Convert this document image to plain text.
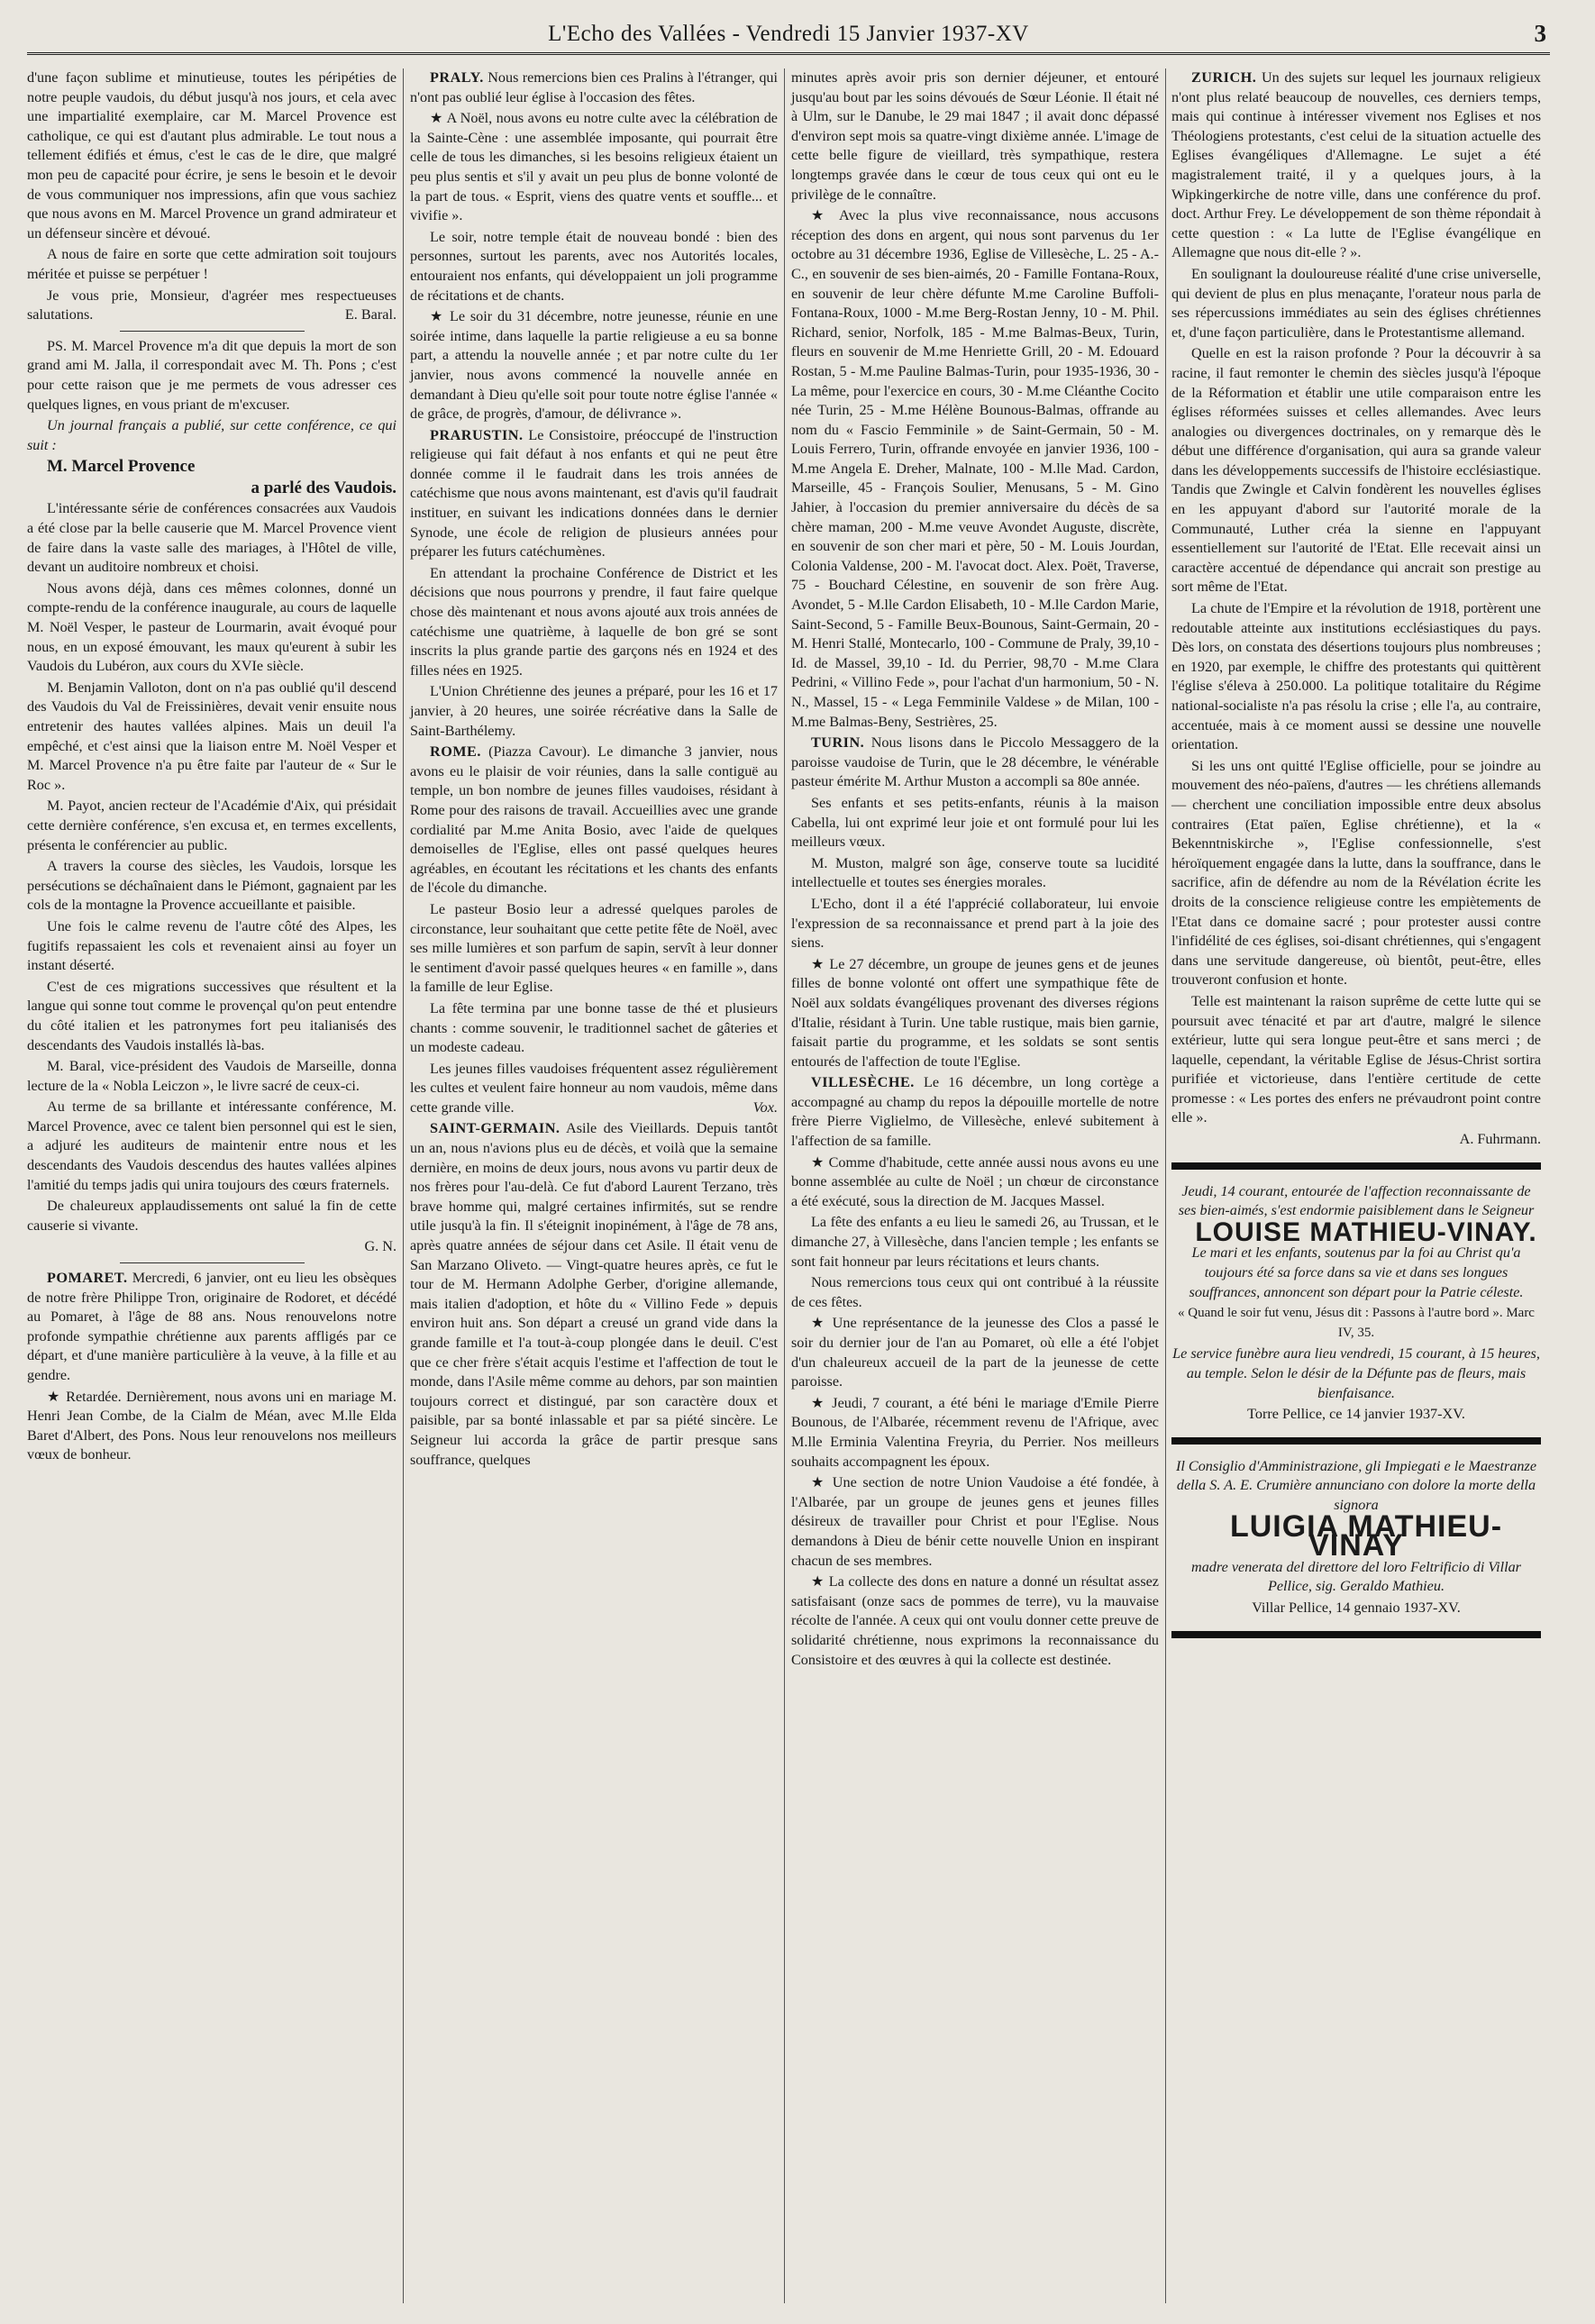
L'Echo des Vallées - Vendredi 15 Janvier 1937-XV	3

d'une façon sublime et minutieuse, toutes les péripéties de notre peuple vaudois, du début jusqu'à nos jours, et cela avec une impartialité exemplaire, car M. Marcel Provence est catholique, ce qui est d'autant plus admirable. Le tout nous a tellement édifiés et émus, c'est le cas de le dire, que malgré mon peu de capacité pour écrire, je sens le besoin et le devoir de vous communiquer nos impressions, afin que vous sachiez que nous avons en M. Marcel Provence un grand admirateur et un défenseur sincère et dévoué.

A nous de faire en sorte que cette admiration soit toujours méritée et puisse se perpétuer !

Je vous prie, Monsieur, d'agréer mes respectueuses salutations.	E. Baral.

PS. M. Marcel Provence m'a dit que depuis la mort de son grand ami M. Jalla, il correspondait avec M. Th. Pons ; c'est pour cette raison que je me permets de vous adresser ces quelques lignes, en vous priant de m'excuser.

Un journal français a publié, sur cette conférence, ce qui suit :

M. Marcel Provence

a parlé des Vaudois.

L'intéressante série de conférences consacrées aux Vaudois a été close par la belle causerie que M. Marcel Provence vient de faire dans la vaste salle des mariages, à l'Hôtel de ville, devant un auditoire nombreux et choisi.

Nous avons déjà, dans ces mêmes colonnes, donné un compte-rendu de la conférence inaugurale, au cours de laquelle M. Noël Vesper, le pasteur de Lourmarin, avait évoqué pour nous, en un exposé émouvant, les maux qu'eurent à subir les Vaudois du Lubéron, aux cours du XVIe siècle.

M. Benjamin Valloton, dont on n'a pas oublié qu'il descend des Vaudois du Val de Freissinières, devait venir ensuite nous entretenir des hautes vallées alpines. Mais un deuil l'a empêché, et c'est ainsi que la liaison entre M. Noël Vesper et M. Marcel Provence n'a pu être faite par l'auteur de « Sur le Roc ».

M. Payot, ancien recteur de l'Académie d'Aix, qui présidait cette dernière conférence, s'en excusa et, en termes excellents, présenta le conférencier au public.

A travers la course des siècles, les Vaudois, lorsque les persécutions se déchaînaient dans le Piémont, gagnaient par les cols de la montagne la Provence accueillante et paisible.

Une fois le calme revenu de l'autre côté des Alpes, les fugitifs repassaient les cols et revenaient ainsi au foyer un instant déserté.

C'est de ces migrations successives que résultent et la langue qui sonne tout comme le provençal qu'on peut entendre du côté italien et les patronymes fort peu italianisés des descendants des Vaudois installés là-bas.

M. Baral, vice-président des Vaudois de Marseille, donna lecture de la « Nobla Leiczon », le livre sacré de ceux-ci.

Au terme de sa brillante et intéressante conférence, M. Marcel Provence, avec ce talent bien personnel qui est le sien, a adjuré les auditeurs de maintenir entre nous et les descendants des Vaudois descendus des hautes vallées alpines l'amitié du temps jadis qui unira toujours des cœurs fraternels.

De chaleureux applaudissements ont salué la fin de cette causerie si vivante.

G. N.

POMARET. Mercredi, 6 janvier, ont eu lieu les obsèques de notre frère Philippe Tron, originaire de Rodoret, et décédé au Pomaret, à l'âge de 88 ans. Nous renouvelons notre profonde sympathie chrétienne aux parents affligés par ce départ, et d'une manière particulière à la veuve, à la fille et au gendre.

★ Retardée. Dernièrement, nous avons uni en mariage M. Henri Jean Combe, de la Cialm de Méan, avec M.lle Elda Baret d'Albert, des Pons. Nous leur renouvelons nos meilleurs vœux de bonheur.

PRALY. Nous remercions bien ces Pralins à l'étranger, qui n'ont pas oublié leur église à l'occasion des fêtes.

★ A Noël, nous avons eu notre culte avec la célébration de la Sainte-Cène : une assemblée imposante, qui pourrait être celle de tous les dimanches, si les besoins religieux étaient un peu plus sentis et s'il y avait un peu plus de bonne volonté de la part de tous. « Esprit, viens des quatre vents et souffle... et vivifie ».

Le soir, notre temple était de nouveau bondé : bien des personnes, surtout les parents, avec nos Autorités locales, entouraient nos enfants, qui développaient un joli programme de récitations et de chants.

★ Le soir du 31 décembre, notre jeunesse, réunie en une soirée intime, dans laquelle la partie religieuse a eu sa bonne part, a attendu la nouvelle année ; et par notre culte du 1er janvier, nous avons commencé la nouvelle année en demandant à Dieu qu'elle soit pour toute notre église l'année « de grâce, de progrès, d'amour, de délivrance ».

PRARUSTIN. Le Consistoire, préoccupé de l'instruction religieuse qui fait défaut à nos enfants et qui ne peut être donnée comme il le faudrait dans les trois années de catéchisme que nous avons maintenant, est d'avis qu'il faudrait instituer, en suivant les indications données dans le dernier Synode, une école de religion de plusieurs années pour préparer les futurs catéchumènes.

En attendant la prochaine Conférence de District et les décisions que nous pourrons y prendre, il faut faire quelque chose dès maintenant et nous avons ajouté aux trois années de catéchisme une quatrième, à laquelle de bon gré se sont inscrits la plus grande partie des garçons nés en 1924 et des filles nées en 1925.

L'Union Chrétienne des jeunes a préparé, pour les 16 et 17 janvier, à 20 heures, une soirée récréative dans la Salle de Saint-Barthélemy.

ROME. (Piazza Cavour). Le dimanche 3 janvier, nous avons eu le plaisir de voir réunies, dans la salle contiguë au temple, un bon nombre de jeunes filles vaudoises, résidant à Rome pour des raisons de travail. Accueillies avec une grande cordialité par M.me Anita Bosio, avec l'aide de quelques demoiselles de l'Eglise, elles ont passé quelques heures agréables, en écoutant les récitations et les chants des enfants de l'école du dimanche.

Le pasteur Bosio leur a adressé quelques paroles de circonstance, leur souhaitant que cette petite fête de Noël, avec ses mille lumières et son parfum de sapin, servît à leur donner le sentiment d'avoir passé quelques heures « en famille », dans la famille de leur Eglise.

La fête termina par une bonne tasse de thé et plusieurs chants : comme souvenir, le traditionnel sachet de gâteries et un modeste cadeau.

Les jeunes filles vaudoises fréquentent assez régulièrement les cultes et veulent faire honneur au nom vaudois, même dans cette grande ville.	Vox.

SAINT-GERMAIN. Asile des Vieillards. Depuis tantôt un an, nous n'avions plus eu de décès, et voilà que la semaine dernière, en moins de deux jours, nous avons vu partir deux de nos frères pour l'au-delà. Ce fut d'abord Laurent Terzano, très brave homme qui, malgré certaines infirmités, sut se rendre utile jusqu'à la fin. Il s'éteignit inopinément, à l'âge de 78 ans, après quatre années de séjour dans cet Asile. Il était venu de San Marzano Oliveto. — Vingt-quatre heures après, ce fut le tour de M. Hermann Adolphe Gerber, d'origine allemande, mais italien d'adoption, et hôte du « Villino Fede » depuis environ huit ans. Son départ a creusé un grand vide dans la grande famille et l'a tout-à-coup plongée dans le deuil. C'est que ce cher frère s'était acquis l'estime et l'affection de tout le monde, dans l'Asile même comme au dehors, par son maintien toujours correct et distingué, par son caractère doux et paisible, par sa bonté inlassable et par sa piété sincère. Le Seigneur lui accorda la grâce de partir presque sans souffrance, quelques

minutes après avoir pris son dernier déjeuner, et entouré jusqu'au bout par les soins dévoués de Sœur Léonie. Il était né à Ulm, sur le Danube, le 29 mai 1847 ; il avait donc dépassé d'environ sept mois sa quatre-vingt dixième année. L'image de cette belle figure de vieillard, très sympathique, restera longtemps gravée dans le cœur de tous ceux qui ont eu le privilège de le connaître.

★ Avec la plus vive reconnaissance, nous accusons réception des dons en argent, qui nous sont parvenus du 1er octobre au 31 décembre 1936, Eglise de Villesèche, L. 25 - A.-C., en souvenir de ses bien-aimés, 20 - Famille Fontana-Roux, en souvenir de leur chère défunte M.me Caroline Buffoli-Fontana-Roux, 1000 - M.me Berg-Rostan Jenny, 10 - M. Phil. Richard, senior, Norfolk, 185 - M.me Balmas-Beux, Turin, fleurs en souvenir de M.me Henriette Grill, 20 - M. Edouard Rostan, 5 - M.me Pauline Balmas-Turin, pour 1935-1936, 30 - La même, pour l'exercice en cours, 30 - M.me Cléanthe Cocito née Turin, 25 - M.me Hélène Bounous-Balmas, offrande au nom du « Fascio Femminile » de Saint-Germain, 50 - M. Louis Ferrero, Turin, offrande envoyée en janvier 1936, 100 - M.me Angela E. Dreher, Malnate, 100 - M.lle Mad. Cardon, Marseille, 45 - François Soulier, Menusans, 5 - M. Gino Jahier, à l'occasion du premier anniversaire du décès de sa chère maman, 200 - M.me veuve Avondet Auguste, discrète, en souvenir de son cher mari et père, 50 - M. Louis Jourdan, Colonia Valdense, 200 - M. l'avocat doct. Alex. Poët, Traverse, 75 - Bouchard Célestine, en souvenir de son frère Aug. Avondet, 5 - M.lle Cardon Elisabeth, 10 - M.lle Cardon Marie, Saint-Second, 5 - Famille Beux-Bounous, Saint-Germain, 20 - M. Henri Stallé, Montecarlo, 100 - Commune de Praly, 39,10 - Id. de Massel, 39,10 - Id. du Perrier, 98,70 - M.me Clara Pedrini, « Villino Fede », pour l'achat d'un harmonium, 50 - N. N., Massel, 15 - « Lega Femminile Valdese » de Milan, 100 - M.me Balmas-Beny, Sestrières, 25.

TURIN. Nous lisons dans le Piccolo Messaggero de la paroisse vaudoise de Turin, que le 28 décembre, le vénérable pasteur émérite M. Arthur Muston a accompli sa 80e année.

Ses enfants et ses petits-enfants, réunis à la maison Cabella, lui ont exprimé leur joie et ont formulé pour lui les meilleurs vœux.

M. Muston, malgré son âge, conserve toute sa lucidité intellectuelle et toutes ses énergies morales.

L'Echo, dont il a été l'apprécié collaborateur, lui envoie l'expression de sa reconnaissance et prend part à la joie des siens.

★ Le 27 décembre, un groupe de jeunes gens et de jeunes filles de bonne volonté ont offert une sympathique fête de Noël aux soldats évangéliques provenant des diverses régions d'Italie, résidant à Turin. Une table rustique, mais bien garnie, faisait partie du programme, et les soldats se sont sentis entourés de l'affection de toute l'Eglise.

VILLESÈCHE. Le 16 décembre, un long cortège a accompagné au champ du repos la dépouille mortelle de notre frère Pierre Viglielmo, de Villesèche, enlevé subitement à l'affection de sa famille.

★ Comme d'habitude, cette année aussi nous avons eu une bonne assemblée au culte de Noël ; un chœur de circonstance a été exécuté, sous la direction de M. Jacques Massel.

La fête des enfants a eu lieu le samedi 26, au Trussan, et le dimanche 27, à Villesèche, dans l'ancien temple ; les enfants se sont fait honneur par leurs récitations et leurs chants.

Nous remercions tous ceux qui ont contribué à la réussite de ces fêtes.

★ Une représentance de la jeunesse des Clos a passé le soir du dernier jour de l'an au Pomaret, où elle a été l'objet d'un chaleureux accueil de la part de la jeunesse de cette paroisse.

★ Jeudi, 7 courant, a été béni le mariage d'Emile Pierre Bounous, de l'Albarée, récemment revenu de l'Afrique, avec M.lle Erminia Valentina Freyria, du Perrier. Nos meilleurs souhaits accompagnent les époux.

★ Une section de notre Union Vaudoise a été fondée, à l'Albarée, par un groupe de jeunes gens et jeunes filles désireux de travailler pour Christ et pour l'Eglise. Nous demandons à Dieu de bénir cette nouvelle Union en inspirant chacun de ses membres.

★ La collecte des dons en nature a donné un résultat assez satisfaisant (onze sacs de pommes de terre), vu la mauvaise récolte de l'année. A ceux qui ont voulu donner cette preuve de solidarité chrétienne, nous exprimons la reconnaissance du Consistoire et des œuvres à qui la collecte est destinée.

ZURICH. Un des sujets sur lequel les journaux religieux n'ont plus relaté beaucoup de nouvelles, ces derniers temps, mais qui continue à intéresser vivement nos Eglises et nos Théologiens protestants, c'est celui de la situation actuelle des Eglises évangéliques d'Allemagne. Le sujet a été magistralement traité, il y a quelques jours, à la Wipkingerkirche de notre ville, dans une conférence du prof. doct. Arthur Frey. Le développement de son thème répondait à cette question : « La lutte de l'Eglise évangélique en Allemagne que nous dit-elle ? ».

En soulignant la douloureuse réalité d'une crise universelle, qui devient de plus en plus menaçante, l'orateur nous parla de ses répercussions immédiates au sein des églises chrétiennes et, d'une façon particulière, dans le Protestantisme allemand.

Quelle en est la raison profonde ? Pour la découvrir à sa racine, il faut remonter le chemin des siècles jusqu'à l'époque de la Réformation et établir une utile comparaison entre les églises réformées suisses et celles allemandes. Avec leurs analogies ou divergences doctrinales, on y remarque dès le début une différence d'organisation, qui aura sa grande valeur dans les développements successifs de l'histoire ecclésiastique. Tandis que Zwingle et Calvin fondèrent les nouvelles églises en les appuyant d'abord sur l'autorité morale de la Communauté, Luther créa la sienne en l'appuyant essentiellement sur l'autorité de l'Etat. Elle recevait ainsi un caractère accentué de dépendance qui ancrait son prestige au sort même de l'Etat.

La chute de l'Empire et la révolution de 1918, portèrent une redoutable atteinte aux institutions ecclésiastiques du pays. Dès lors, on constata des désertions toujours plus nombreuses ; en 1920, par exemple, le chiffre des protestants qui quittèrent l'église s'éleva à 250.000. La politique totalitaire du Régime national-socialiste n'a pas résolu la crise ; elle l'a, au contraire, accentuée, mais à ce moment aussi se dessine une nouvelle orientation.

Si les uns ont quitté l'Eglise officielle, pour se joindre au mouvement des néo-païens, d'autres — les chrétiens allemands — cherchent une conciliation impossible entre deux absolus contraires (Etat païen, Eglise chrétienne), et la « Bekenntniskirche », l'Eglise confessionnelle, s'est héroïquement engagée dans la lutte, dans la souffrance, dans le sacrifice, afin de défendre au nom de la Révélation écrite les droits de la conscience religieuse contre les empiètements de l'Etat dans ce domaine sacré ; pour protester aussi contre l'infidélité de ces églises, soi-disant chrétiennes, qui s'engagent dans une servitude dangereuse, où bientôt, peut-être, elles trouveront confusion et honte.

Telle est maintenant la raison suprême de cette lutte qui se poursuit avec ténacité et par art d'autre, malgré le silence extérieur, lutte qui sera longue peut-être et sans merci ; de laquelle, cependant, la véritable Eglise de Jésus-Christ sortira purifiée et victorieuse, dans l'entière certitude de cette promesse : « Les portes des enfers ne prévaudront point contre elle ».

A. Fuhrmann.

Jeudi, 14 courant, entourée de l'affection reconnaissante de ses bien-aimés, s'est endormie paisiblement dans le Seigneur

LOUISE MATHIEU-VINAY.

Le mari et les enfants, soutenus par la foi au Christ qu'a toujours été sa force dans sa vie et dans ses longues souffrances, annoncent son départ pour la Patrie céleste.

« Quand le soir fut venu, Jésus dit : Passons à l'autre bord ». Marc IV, 35.

Le service funèbre aura lieu vendredi, 15 courant, à 15 heures, au temple. Selon le désir de la Défunte pas de fleurs, mais bienfaisance.

Torre Pellice, ce 14 janvier 1937-XV.

Il Consiglio d'Amministrazione, gli Impiegati e le Maestranze della S. A. E. Crumière annunciano con dolore la morte della signora

LUIGIA MATHIEU-VINAY

madre venerata del direttore del loro Feltrificio di Villar Pellice, sig. Geraldo Mathieu.

Villar Pellice, 14 gennaio 1937-XV.
